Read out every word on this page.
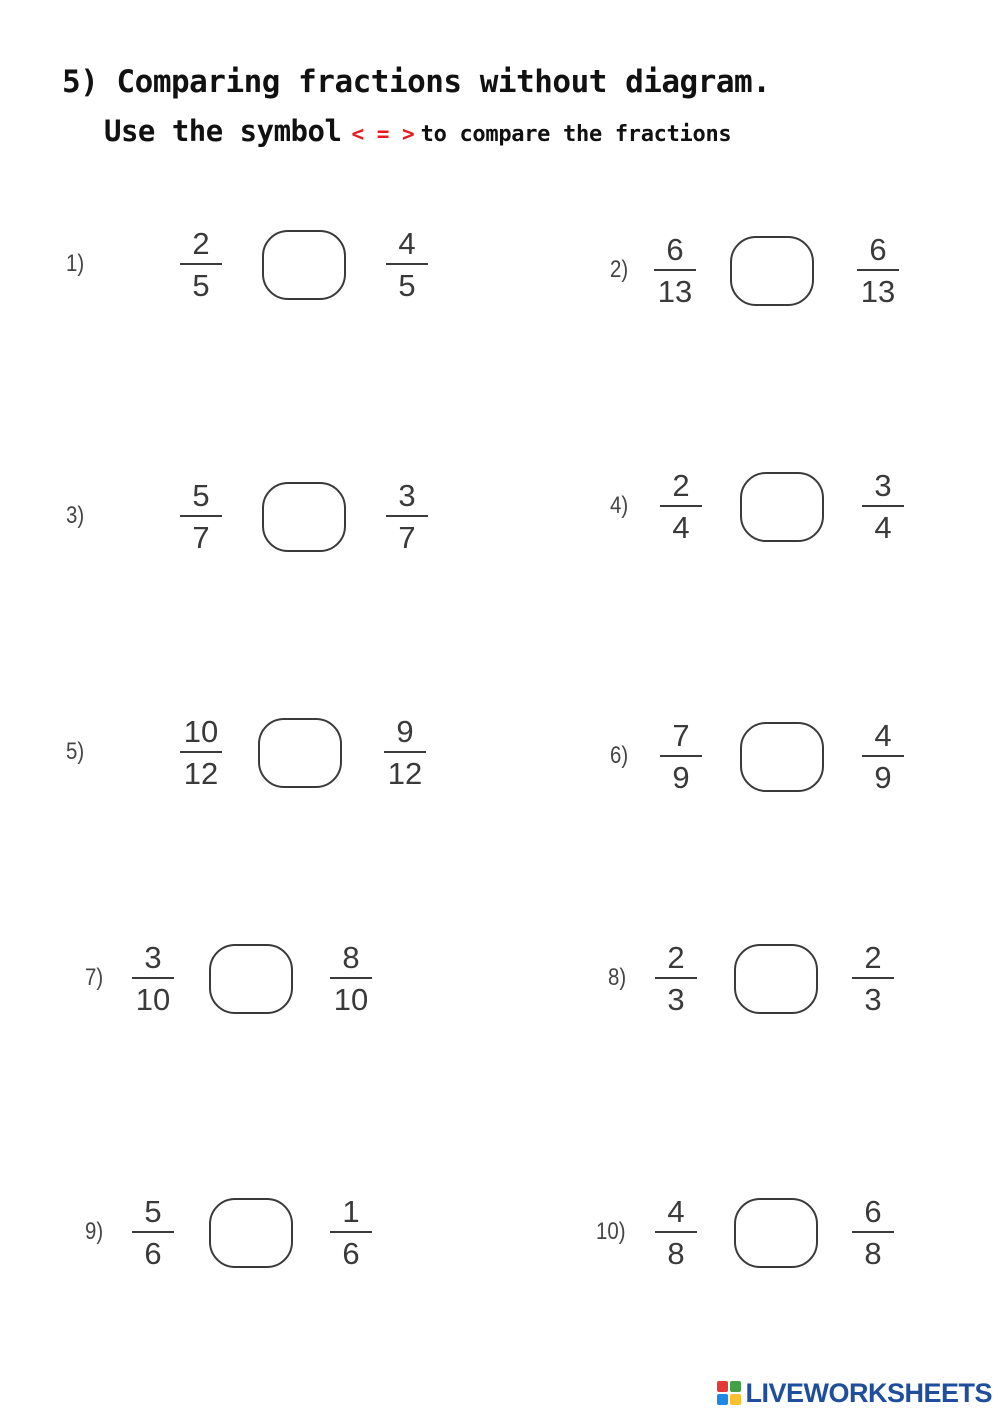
5) Comparing fractions without diagram.
Use the symbol < = > to compare the fractions
1)
2
5
4
5	2)
6
13
6
13
3)
5
7
3
7
4)
2
4
3
4
5)
10
12
9
12
6)
7
9
4
9
7)
3
10
8
10
8)
2
3
2
3
9)
5
6
1
6
10)
4
8
6
8
LIVEWORKSHEETS
